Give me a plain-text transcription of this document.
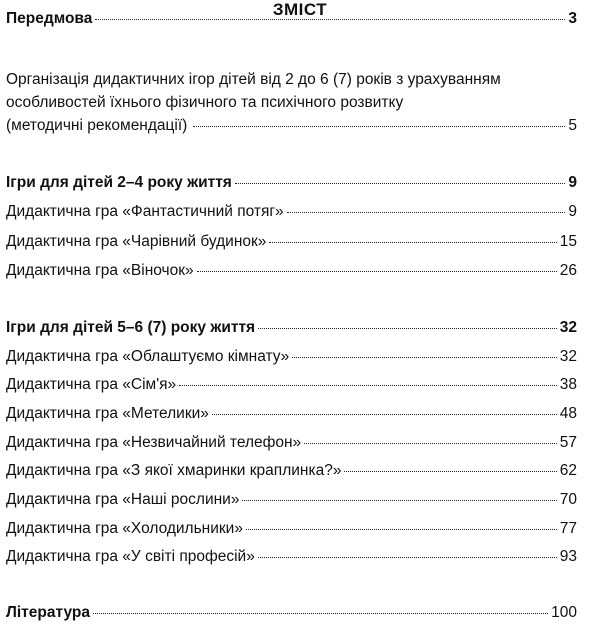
ЗМІСТ
Передмова	3
Організація дидактичних ігор дітей від 2 до 6 (7) років з урахуванням
особливостей їхнього фізичного та психічного розвитку
(методичні рекомендації)	5
Ігри для дітей 2–4 року життя	9
Дидактична гра «Фантастичний потяг»	9
Дидактична гра «Чарівний будинок»	15
Дидактична гра «Віночок»	26
Ігри для дітей 5–6 (7) року життя	32
Дидактична гра «Облаштуємо кімнату»	32
Дидактична гра «Сім'я»	38
Дидактична гра «Метелики»	48
Дидактична гра «Незвичайний телефон»	57
Дидактична гра «З якої хмаринки краплинка?»	62
Дидактична гра «Наші рослини»	70
Дидактична гра «Холодильники»	77
Дидактична гра «У світі професій»	93
Література	100
